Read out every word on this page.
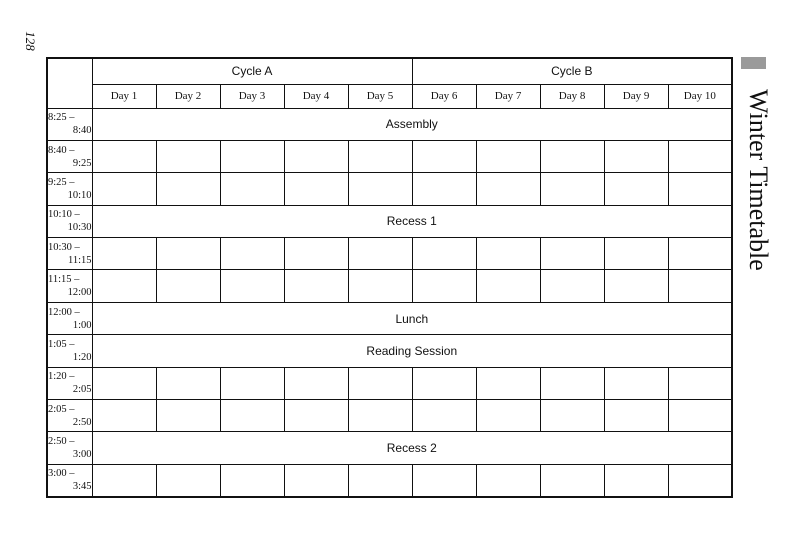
128
Winter Timetable
	Cycle A					Cycle B				
	Day 1	Day 2	Day 3	Day 4	Day 5	Day 6	Day 7	Day 8	Day 9	Day 10

8:25 –
8:40	Assembly									

8:40 –
9:25										

9:25 –
10:10										

10:10 –
10:30	Recess 1									

10:30 –
11:15										

11:15 –
12:00										

12:00 –
1:00	Lunch									

1:05 –
1:20	Reading Session									

1:20 –
2:05										

2:05 –
2:50										

2:50 –
3:00	Recess 2									

3:00 –
3:45										
